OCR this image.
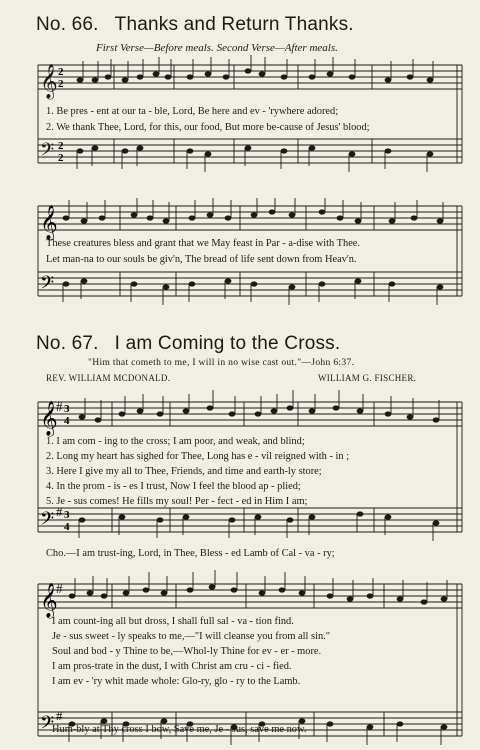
No. 66. Thanks and Return Thanks.
First Verse—Before meals. Second Verse—After meals.
𝄞
𝄢
2
2
2
2
1. Be pres - ent at our ta - ble, Lord, Be here and ev - 'rywhere adored;
2. We thank Thee, Lord, for this, our food, But more be-cause of Jesus' blood;
𝄞
𝄢
These creatures bless and grant that we May feast in Par - a-dise with Thee.
Let man-na to our souls be giv'n, The bread of life sent down from Heav'n.
No. 67. I am Coming to the Cross.
"Him that cometh to me, I will in no wise cast out."—John 6:37.
REV. WILLIAM MCDONALD.	WILLIAM G. FISCHER.
𝄞
𝄢
#
#
3
4
3
4
1. I am com - ing to the cross; I am poor, and weak, and blind;
2. Long my heart has sighed for Thee, Long has e - vil reigned with - in ;
3. Here I give my all to Thee, Friends, and time and earth-ly store;
4. In the prom - is - es I trust, Now I feel the blood ap - plied;
5. Je - sus comes! He fills my soul! Per - fect - ed in Him I am;
Cho.—I am trust-ing, Lord, in Thee, Bless - ed Lamb of Cal - va - ry;
𝄞
𝄢
#
#
I am count-ing all but dross, I shall full sal - va - tion find.
Je - sus sweet - ly speaks to me,—"I will cleanse you from all sin."
Soul and bod - y Thine to be,—Whol-ly Thine for ev - er - more.
I am pros-trate in the dust, I with Christ am cru - ci - fied.
I am ev - 'ry whit made whole: Glo-ry, glo - ry to the Lamb.
Hum-bly at Thy cross I bow, Save me, Je - sus, save me now.
